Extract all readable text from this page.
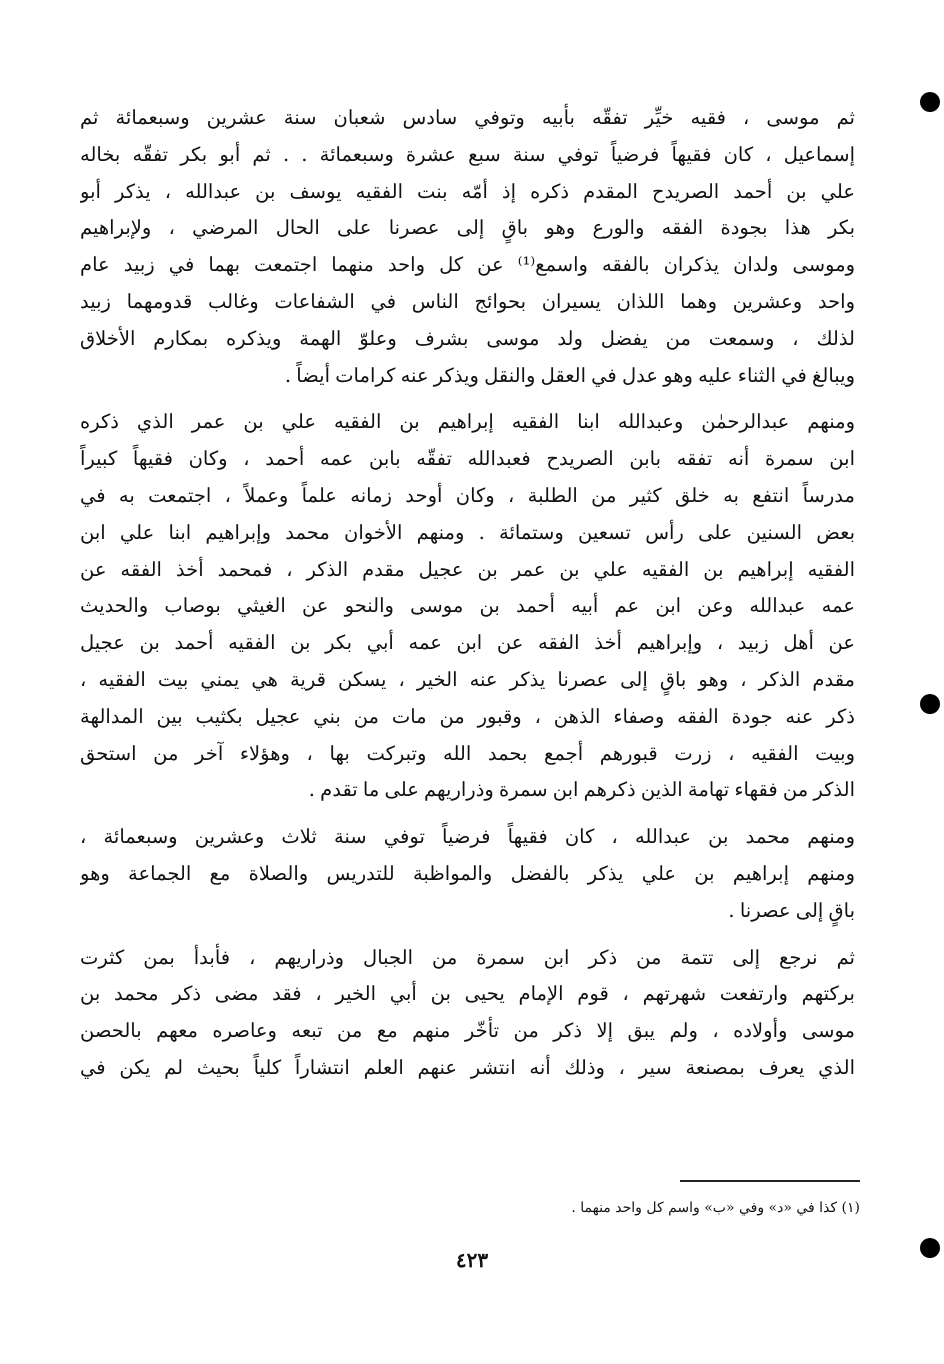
ثم موسى ، فقيه خيِّر تفقّه بأبيه وتوفي سادس شعبان سنة عشرين وسبعمائة ثم
إسماعيل ، كان فقيهاً فرضياً توفي سنة سبع عشرة وسبعمائة . . ثم أبو بكر تفقّه بخاله
علي بن أحمد الصريدح المقدم ذكره إذ أمّه بنت الفقيه يوسف بن عبدالله ، يذكر أبو
بكر هذا بجودة الفقه والورع وهو باقٍ إلى عصرنا على الحال المرضي ، ولإبراهيم
وموسى ولدان يذكران بالفقه واسمع⁽¹⁾ عن كل واحد منهما اجتمعت بهما في زبيد عام
واحد وعشرين وهما اللذان يسيران بحوائج الناس في الشفاعات وغالب قدومهما زبيد
لذلك ، وسمعت من يفضل ولد موسى بشرف وعلوّ الهمة ويذكره بمكارم الأخلاق
ويبالغ في الثناء عليه وهو عدل في العقل والنقل ويذكر عنه كرامات أيضاً .
ومنهم عبدالرحمٰن وعبدالله ابنا الفقيه إبراهيم بن الفقيه علي بن عمر الذي ذكره
ابن سمرة أنه تفقه بابن الصريدح فعبدالله تفقّه بابن عمه أحمد ، وكان فقيهاً كبيراً
مدرساً انتفع به خلق كثير من الطلبة ، وكان أوحد زمانه علماً وعملاً ، اجتمعت به في
بعض السنين على رأس تسعين وستمائة . ومنهم الأخوان محمد وإبراهيم ابنا علي ابن
الفقيه إبراهيم بن الفقيه علي بن عمر بن عجيل مقدم الذكر ، فمحمد أخذ الفقه عن
عمه عبدالله وعن ابن عم أبيه أحمد بن موسى والنحو عن الغيثي بوصاب والحديث
عن أهل زبيد ، وإبراهيم أخذ الفقه عن ابن عمه أبي بكر بن الفقيه أحمد بن عجيل
مقدم الذكر ، وهو باقٍ إلى عصرنا يذكر عنه الخير ، يسكن قرية هي يمني بيت الفقيه ،
ذكر عنه جودة الفقه وصفاء الذهن ، وقبور من مات من بني عجيل بكثيب بين المدالهة
وبيت الفقيه ، زرت قبورهم أجمع بحمد الله وتبركت بها ، وهؤلاء آخر من استحق
الذكر من فقهاء تهامة الذين ذكرهم ابن سمرة وذراريهم على ما تقدم .
ومنهم محمد بن عبدالله ، كان فقيهاً فرضياً توفي سنة ثلاث وعشرين وسبعمائة ،
ومنهم إبراهيم بن علي يذكر بالفضل والمواظبة للتدريس والصلاة مع الجماعة وهو
باقٍ إلى عصرنا .
ثم نرجع إلى تتمة من ذكر ابن سمرة من الجبال وذراريهم ، فأبدأ بمن كثرت
بركتهم وارتفعت شهرتهم ، قوم الإمام يحيى بن أبي الخير ، فقد مضى ذكر محمد بن
موسى وأولاده ، ولم يبق إلا ذكر من تأخّر منهم مع من تبعه وعاصره معهم بالحصن
الذي يعرف بمصنعة سير ، وذلك أنه انتشر عنهم العلم انتشاراً كلياً بحيث لم يكن في
(١) كذا في «د» وفي «ب» واسم كل واحد منهما .
٤٢٣
